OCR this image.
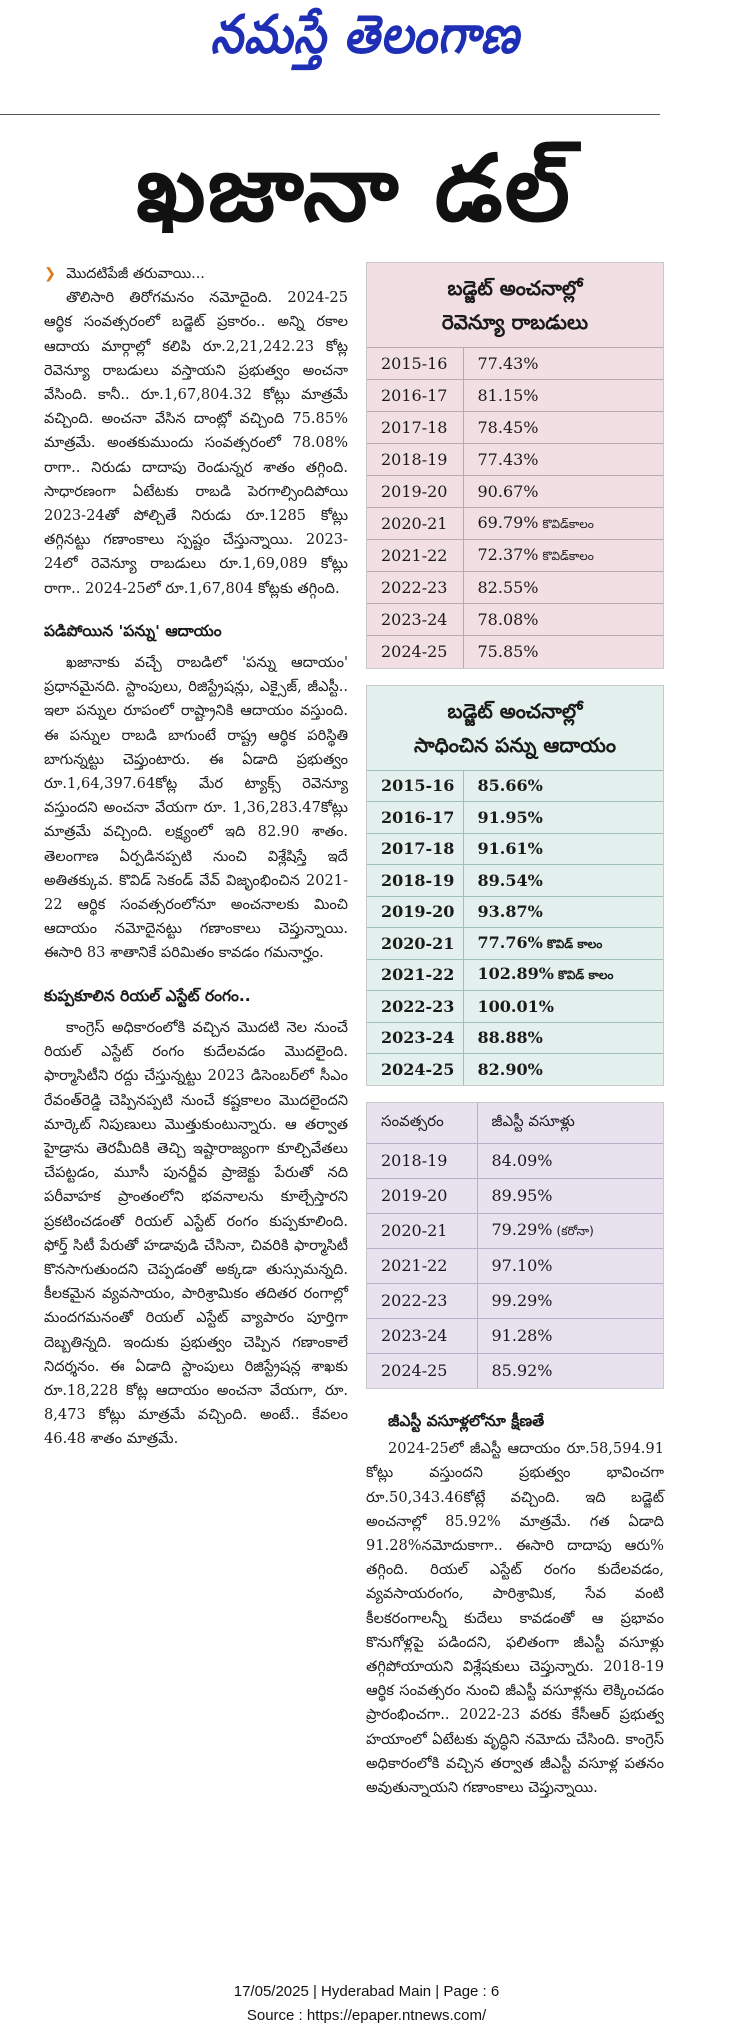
నమస్తే తెలంగాణ
ఖజానా డల్

❯ మొదటిపేజీ తరువాయి...

తొలిసారి తిరోగమనం నమోదైంది. 2024-25 ఆర్థిక సంవత్సరంలో బడ్జెట్ ప్రకారం.. అన్ని రకాల ఆదాయ మార్గాల్లో కలిపి రూ.2,21,242.23 కోట్ల రెవెన్యూ రాబడులు వస్తాయని ప్రభుత్వం అంచనా వేసింది. కానీ.. రూ.1,67,804.32 కోట్లు మాత్రమే వచ్చింది. అంచనా వేసిన దాంట్లో వచ్చింది 75.85% మాత్రమే. అంతకుముందు సంవత్సరంలో 78.08% రాగా.. నిరుడు దాదాపు రెండున్నర శాతం తగ్గింది. సాధారణంగా ఏటేటకు రాబడి పెరగాల్సిందిపోయి 2023-24తో పోల్చితే నిరుడు రూ.1285 కోట్లు తగ్గినట్టు గణాంకాలు స్పష్టం చేస్తున్నాయి. 2023-24లో రెవెన్యూ రాబడులు రూ.1,69,089 కోట్లు రాగా.. 2024-25లో రూ.1,67,804 కోట్లకు తగ్గింది.

పడిపోయిన 'పన్ను' ఆదాయం

ఖజానాకు వచ్చే రాబడిలో 'పన్ను ఆదాయం' ప్రధానమైనది. స్టాంపులు, రిజిస్ట్రేషన్లు, ఎక్సైజ్, జీఎస్టీ.. ఇలా పన్నుల రూపంలో రాష్ట్రానికి ఆదాయం వస్తుంది. ఈ పన్నుల రాబడి బాగుంటే రాష్ట్ర ఆర్థిక పరిస్థితి బాగున్నట్టు చెప్తుంటారు. ఈ ఏడాది ప్రభుత్వం రూ.1,64,397.64కోట్ల మేర ట్యాక్స్ రెవెన్యూ వస్తుందని అంచనా వేయగా రూ. 1,36,283.47కోట్లు మాత్రమే వచ్చింది. లక్ష్యంలో ఇది 82.90 శాతం. తెలంగాణ ఏర్పడినప్పటి నుంచి విశ్లేషిస్తే ఇదే అతితక్కువ. కొవిడ్ సెకండ్ వేవ్ విజృంభించిన 2021-22 ఆర్థిక సంవత్సరంలోనూ అంచనాలకు మించి ఆదాయం నమోదైనట్టు గణాంకాలు చెప్తున్నాయి. ఈసారి 83 శాతానికే పరిమితం కావడం గమనార్హం.

కుప్పకూలిన రియల్ ఎస్టేట్ రంగం..

కాంగ్రెస్ అధికారంలోకి వచ్చిన మొదటి నెల నుంచే రియల్ ఎస్టేట్ రంగం కుదేలవడం మొదలైంది. ఫార్మాసిటీని రద్దు చేస్తున్నట్టు 2023 డిసెంబర్‌లో సీఎం రేవంత్‌రెడ్డి చెప్పినప్పటి నుంచే కష్టకాలం మొదలైందని మార్కెట్ నిపుణులు మొత్తుకుంటున్నారు. ఆ తర్వాత హైడ్రాను తెరమీదికి తెచ్చి ఇష్టారాజ్యంగా కూల్చివేతలు చేపట్టడం, మూసీ పునర్జీవ ప్రాజెక్టు పేరుతో నది పరీవాహక ప్రాంతంలోని భవనాలను కూల్చేస్తారని ప్రకటించడంతో రియల్ ఎస్టేట్ రంగం కుప్పకూలింది. ఫోర్త్ సిటీ పేరుతో హడావుడి చేసినా, చివరికి ఫార్మాసిటీ కొనసాగుతుందని చెప్పడంతో అక్కడా తుస్సుమన్నది. కీలకమైన వ్యవసాయం, పారిశ్రామికం తదితర రంగాల్లో మందగమనంతో రియల్ ఎస్టేట్ వ్యాపారం పూర్తిగా దెబ్బతిన్నది. ఇందుకు ప్రభుత్వం చెప్పిన గణాంకాలే నిదర్శనం. ఈ ఏడాది స్టాంపులు రిజిస్ట్రేషన్ల శాఖకు రూ.18,228 కోట్ల ఆదాయం అంచనా వేయగా, రూ. 8,473 కోట్లు మాత్రమే వచ్చింది. అంటే.. కేవలం 46.48 శాతం మాత్రమే.

బడ్జెట్ అంచనాల్లో
రెవెన్యూ రాబడులు
2015-16	77.43%
2016-17	81.15%
2017-18	78.45%
2018-19	77.43%
2019-20	90.67%
2020-21	69.79% కొవిడ్‌కాలం
2021-22	72.37% కొవిడ్‌కాలం
2022-23	82.55%
2023-24	78.08%
2024-25	75.85%
బడ్జెట్ అంచనాల్లో
సాధించిన పన్ను ఆదాయం
2015-16	85.66%
2016-17	91.95%
2017-18	91.61%
2018-19	89.54%
2019-20	93.87%
2020-21	77.76% కొవిడ్ కాలం
2021-22	102.89% కొవిడ్ కాలం
2022-23	100.01%
2023-24	88.88%
2024-25	82.90%
సంవత్సరం	జీఎస్టీ వసూళ్లు
2018-19	84.09%
2019-20	89.95%
2020-21	79.29% (కరోనా)
2021-22	97.10%
2022-23	99.29%
2023-24	91.28%
2024-25	85.92%

జీఎస్టీ వసూళ్లలోనూ క్షీణతే

2024-25లో జీఎస్టీ ఆదాయం రూ.58,594.91 కోట్లు వస్తుందని ప్రభుత్వం భావించగా రూ.50,343.46కోట్లే వచ్చింది. ఇది బడ్జెట్ అంచనాల్లో 85.92% మాత్రమే. గత ఏడాది 91.28%నమోదుకాగా.. ఈసారి దాదాపు ఆరు% తగ్గింది. రియల్ ఎస్టేట్ రంగం కుదేలవడం, వ్యవసాయరంగం, పారిశ్రామిక, సేవ వంటి కీలకరంగాలన్నీ కుదేలు కావడంతో ఆ ప్రభావం కొనుగోళ్లపై పడిందని, ఫలితంగా జీఎస్టీ వసూళ్లు తగ్గిపోయాయని విశ్లేషకులు చెప్తున్నారు. 2018-19 ఆర్థిక సంవత్సరం నుంచి జీఎస్టీ వసూళ్లను లెక్కించడం ప్రారంభించగా.. 2022-23 వరకు కేసీఆర్ ప్రభుత్వ హయాంలో ఏటేటకు వృద్ధిని నమోదు చేసింది. కాంగ్రెస్ అధికారంలోకి వచ్చిన తర్వాత జీఎస్టీ వసూళ్ల పతనం అవుతున్నాయని గణాంకాలు చెప్తున్నాయి.

17/05/2025 | Hyderabad Main | Page : 6
Source : https://epaper.ntnews.com/
